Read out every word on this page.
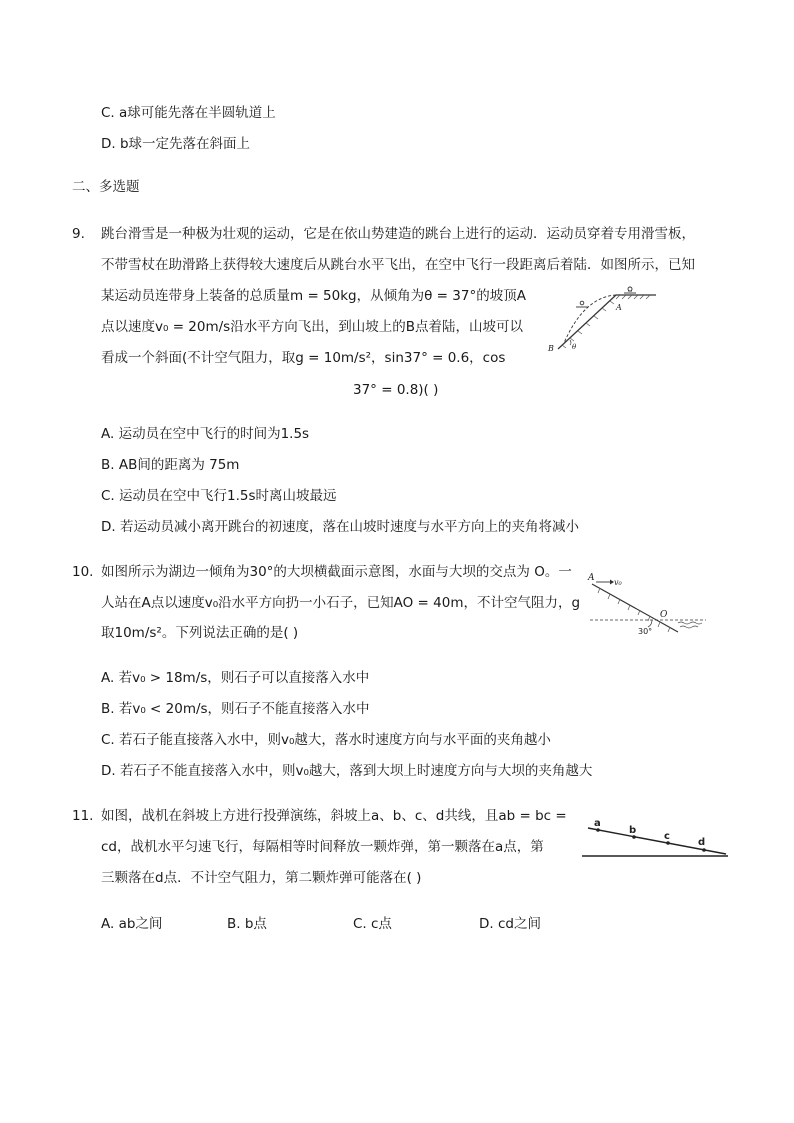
C. a球可能先落在半圆轨道上
D. b球一定先落在斜面上
二、多选题
9. 跳台滑雪是一种极为壮观的运动，它是在依山势建造的跳台上进行的运动．运动员穿着专用滑雪板，
不带雪杖在助滑路上获得较大速度后从跳台水平飞出，在空中飞行一段距离后着陆．如图所示，已知
某运动员连带身上装备的总质量m = 50kg，从倾角为θ = 37°的坡顶A
点以速度v₀ = 20m/s沿水平方向飞出，到山坡上的B点着陆，山坡可以
看成一个斜面(不计空气阻力，取g = 10m/s²，sin37° = 0.6，cos
37° = 0.8)( )
A
B	θ
A. 运动员在空中飞行的时间为1.5s
B. AB间的距离为 75m
C. 运动员在空中飞行1.5s时离山坡最远
D. 若运动员减小离开跳台的初速度，落在山坡时速度与水平方向上的夹角将减小
10. 如图所示为湖边一倾角为30°的大坝横截面示意图，水面与大坝的交点为 O。一
人站在A点以速度v₀沿水平方向扔一小石子，已知AO = 40m，不计空气阻力，g
取10m/s²。下列说法正确的是( )
A v₀
O
30°
A. 若v₀ > 18m/s，则石子可以直接落入水中
B. 若v₀ < 20m/s，则石子不能直接落入水中
C. 若石子能直接落入水中，则v₀越大，落水时速度方向与水平面的夹角越小
D. 若石子不能直接落入水中，则v₀越大，落到大坝上时速度方向与大坝的夹角越大
11. 如图，战机在斜坡上方进行投弹演练，斜坡上a、b、c、d共线，且ab = bc =
cd，战机水平匀速飞行，每隔相等时间释放一颗炸弹，第一颗落在a点，第
三颗落在d点．不计空气阻力，第二颗炸弹可能落在( )
a
b
c
d
A. ab之间	B. b点	C. c点	D. cd之间
